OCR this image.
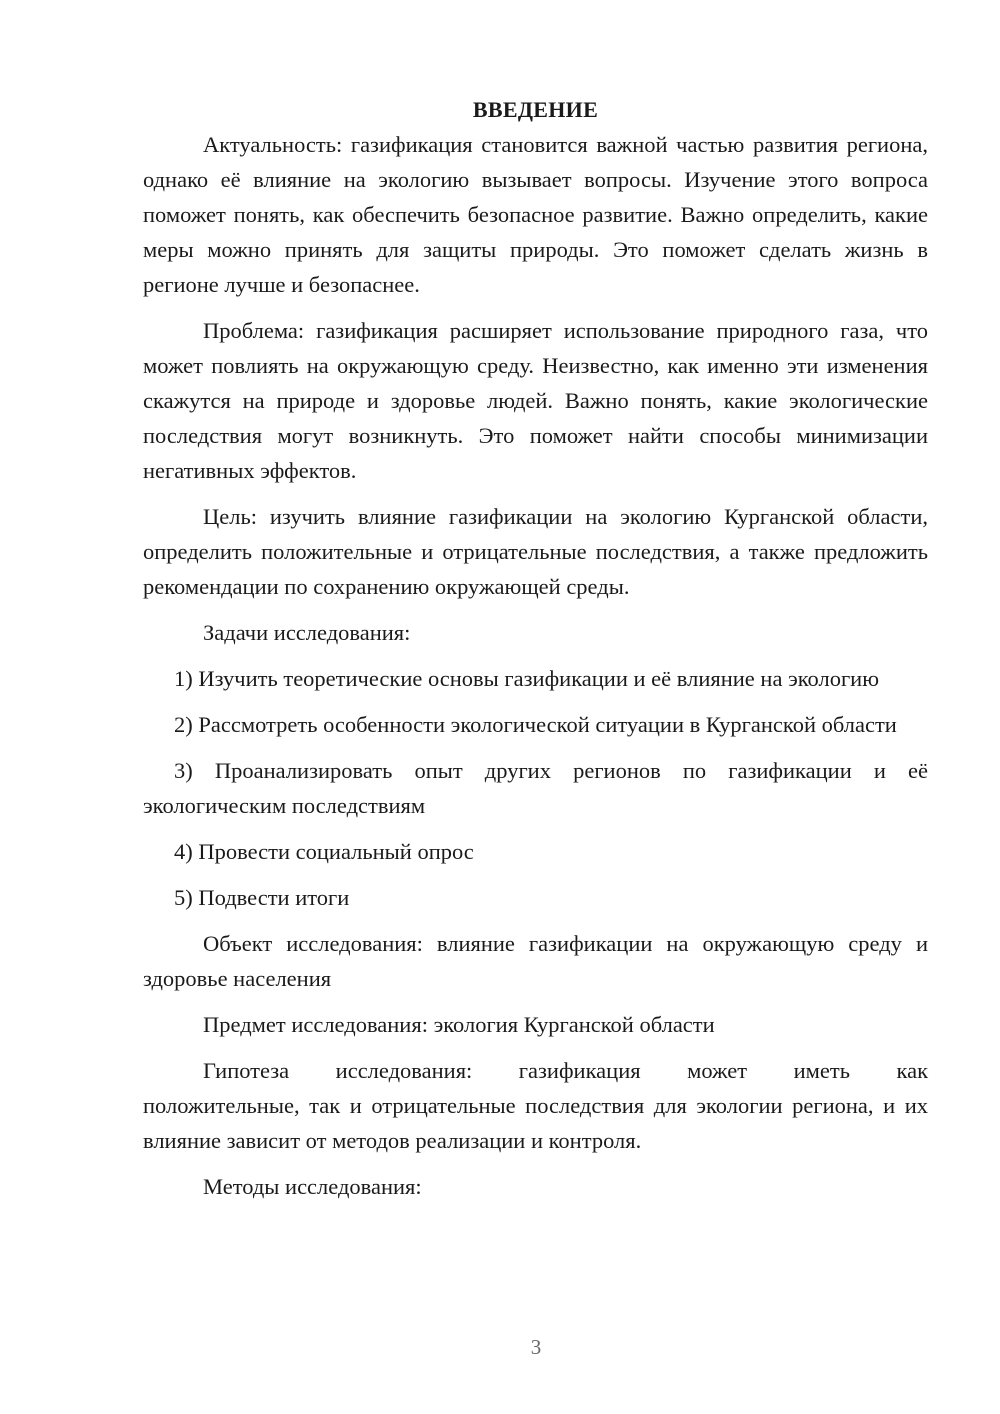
ВВЕДЕНИЕ

Актуальность: газификация становится важной частью развития региона, однако её влияние на экологию вызывает вопросы. Изучение этого вопроса поможет понять, как обеспечить безопасное развитие. Важно определить, какие меры можно принять для защиты природы. Это поможет сделать жизнь в регионе лучше и безопаснее.

Проблема: газификация расширяет использование природного газа, что может повлиять на окружающую среду. Неизвестно, как именно эти изменения скажутся на природе и здоровье людей. Важно понять, какие экологические последствия могут возникнуть. Это поможет найти способы минимизации негативных эффектов.

Цель: изучить влияние газификации на экологию Курганской области, определить положительные и отрицательные последствия, а также предложить рекомендации по сохранению окружающей среды.

Задачи исследования:

1) Изучить теоретические основы газификации и её влияние на экологию

2) Рассмотреть особенности экологической ситуации в Курганской области

3) Проанализировать опыт других регионов по газификации и её экологическим последствиям

4) Провести социальный опрос

5) Подвести итоги

Объект исследования: влияние газификации на окружающую среду и здоровье населения

Предмет исследования: экология Курганской области

Гипотеза исследования: газификация может иметь как

положительные, так и отрицательные последствия для экологии региона, и их влияние зависит от методов реализации и контроля.

Методы исследования:

3
